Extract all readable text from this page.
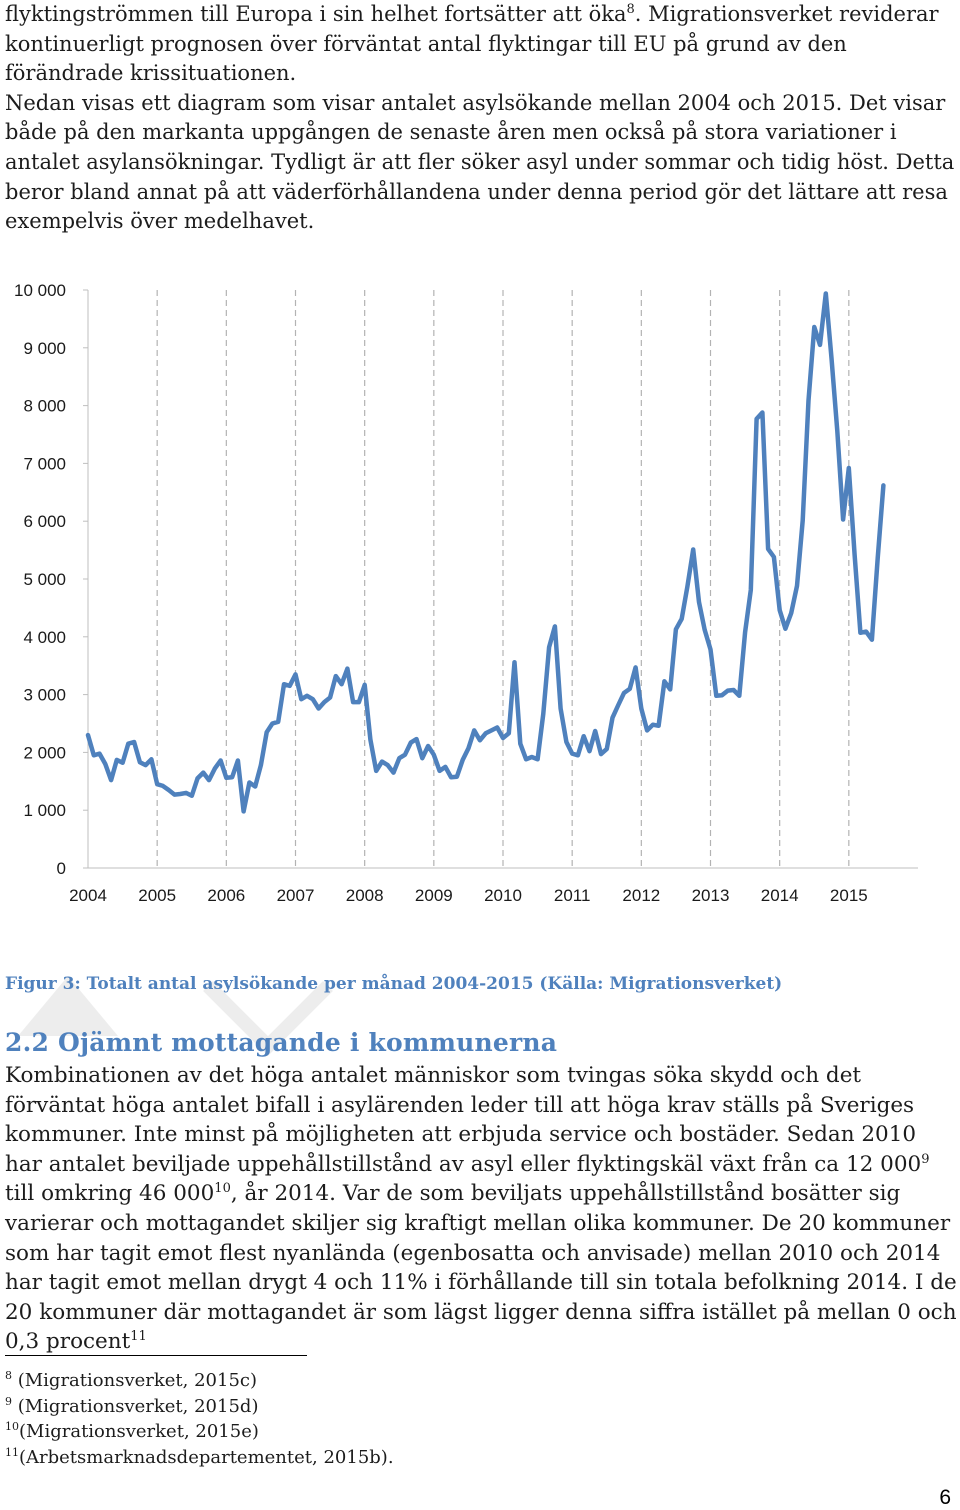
flyktingströmmen till Europa i sin helhet fortsätter att öka$^8$. Migrationsverket reviderar kontinuerligt prognosen över förväntat antal flyktingar till EU på grund av den förändrade krissituationen.
Nedan visas ett diagram som visar antalet asylsökande mellan 2004 och 2015. Det visar både på den markanta uppgången de senaste åren men också på stora variationer i antalet asylansökningar. Tydligt är att fler söker asyl under sommar och tidig höst. Detta beror bland annat på att väderförhållandena under denna period gör det lättare att resa exempelvis över medelhavet.

0
1 000
2 000
3 000
4 000
5 000
6 000
7 000
8 000
9 000
10 000
2004 2005 2006 2007 2008 2009 2010 2011 2012 2013 2014 2015

Figur 3: Totalt antal asylsökande per månad 2004-2015 (Källa: Migrationsverket)

2.2 Ojämnt mottagande i kommunerna

Kombinationen av det höga antalet människor som tvingas söka skydd och det förväntat höga antalet bifall i asylärenden leder till att höga krav ställs på Sveriges kommuner. Inte minst på möjligheten att erbjuda service och bostäder. Sedan 2010 har antalet beviljade uppehållstillstånd av asyl eller flyktingskäl växt från ca 12 $000^9$ till omkring 46 $000^{10}$, år 2014. Var de som beviljats uppehållstillstånd bosätter sig varierar och mottagandet skiljer sig kraftigt mellan olika kommuner. De 20 kommuner som har tagit emot flest nyanlända (egenbosatta och anvisade) mellan 2010 och 2014 har tagit emot mellan drygt 4 och 11% i förhållande till sin totala befolkning 2014. I de 20 kommuner där mottagandet är som lägst ligger denna siffra istället på mellan 0 och 0,3 procent$^{11}$

$^8$ (Migrationsverket, 2015c)
$^9$ (Migrationsverket, 2015d)
$^{10}$(Migrationsverket, 2015e)
$^{11}$(Arbetsmarknadsdepartementet, 2015b).

6
